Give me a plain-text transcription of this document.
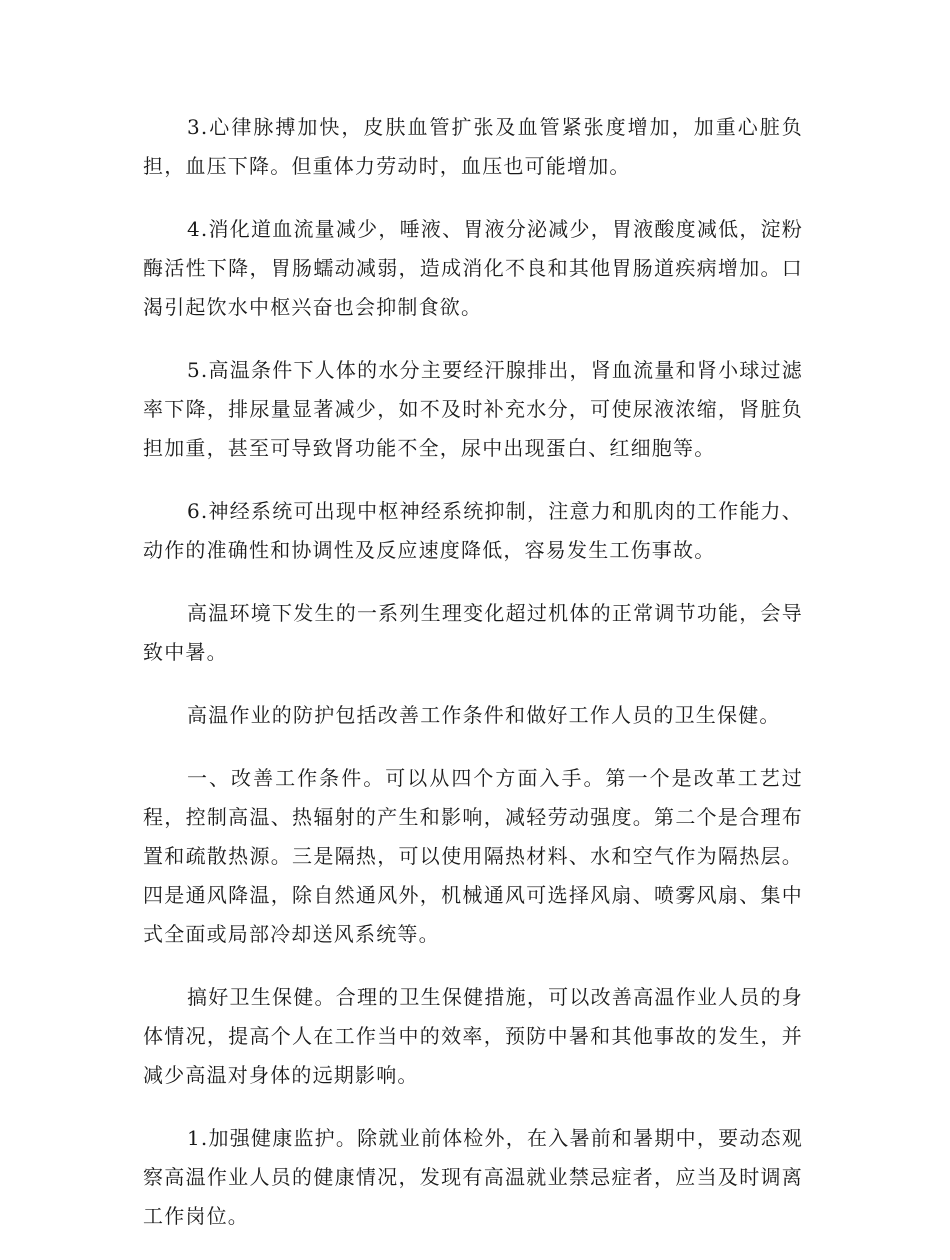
3.心律脉搏加快，皮肤血管扩张及血管紧张度增加，加重心脏负担，血压下降。但重体力劳动时，血压也可能增加。

4.消化道血流量减少，唾液、胃液分泌减少，胃液酸度减低，淀粉酶活性下降，胃肠蠕动减弱，造成消化不良和其他胃肠道疾病增加。口渴引起饮水中枢兴奋也会抑制食欲。

5.高温条件下人体的水分主要经汗腺排出，肾血流量和肾小球过滤率下降，排尿量显著减少，如不及时补充水分，可使尿液浓缩，肾脏负担加重，甚至可导致肾功能不全，尿中出现蛋白、红细胞等。

6.神经系统可出现中枢神经系统抑制，注意力和肌肉的工作能力、动作的准确性和协调性及反应速度降低，容易发生工伤事故。

高温环境下发生的一系列生理变化超过机体的正常调节功能，会导致中暑。

高温作业的防护包括改善工作条件和做好工作人员的卫生保健。

一、改善工作条件。可以从四个方面入手。第一个是改革工艺过程，控制高温、热辐射的产生和影响，减轻劳动强度。第二个是合理布置和疏散热源。三是隔热，可以使用隔热材料、水和空气作为隔热层。四是通风降温，除自然通风外，机械通风可选择风扇、喷雾风扇、集中式全面或局部冷却送风系统等。

搞好卫生保健。合理的卫生保健措施，可以改善高温作业人员的身体情况，提高个人在工作当中的效率，预防中暑和其他事故的发生，并减少高温对身体的远期影响。

1.加强健康监护。除就业前体检外，在入暑前和暑期中，要动态观察高温作业人员的健康情况，发现有高温就业禁忌症者，应当及时调离工作岗位。
